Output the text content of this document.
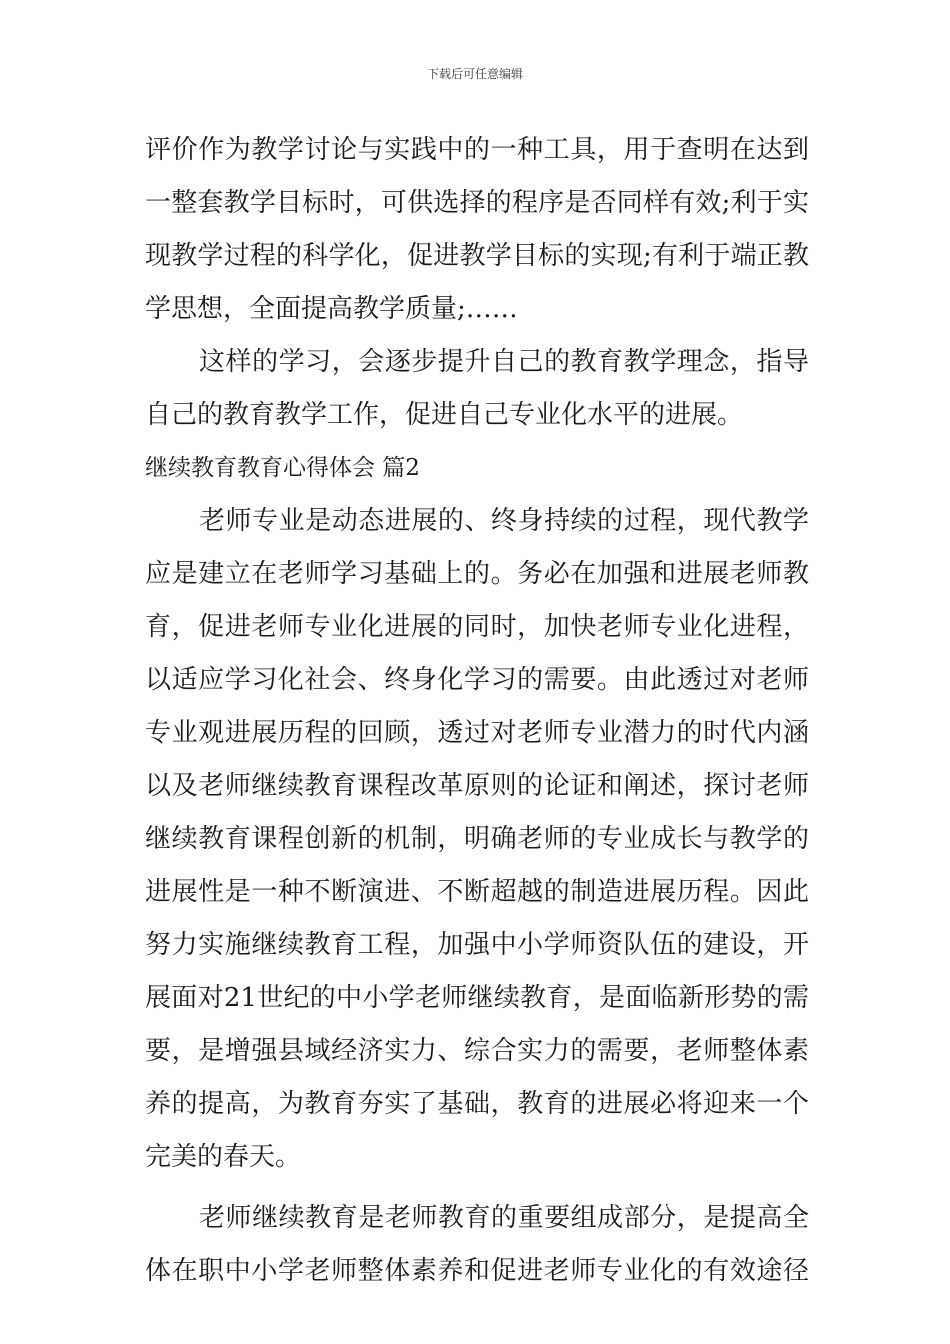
下载后可任意编辑
评价作为教学讨论与实践中的一种工具，用于查明在达到
一整套教学目标时，可供选择的程序是否同样有效;利于实
现教学过程的科学化，促进教学目标的实现;有利于端正教
学思想，全面提高教学质量;……
这样的学习，会逐步提升自己的教育教学理念，指导
自己的教育教学工作，促进自己专业化水平的进展。
继续教育教育心得体会 篇2
老师专业是动态进展的、终身持续的过程，现代教学
应是建立在老师学习基础上的。务必在加强和进展老师教
育，促进老师专业化进展的同时，加快老师专业化进程，
以适应学习化社会、终身化学习的需要。由此透过对老师
专业观进展历程的回顾，透过对老师专业潜力的时代内涵
以及老师继续教育课程改革原则的论证和阐述，探讨老师
继续教育课程创新的机制，明确老师的专业成长与教学的
进展性是一种不断演进、不断超越的制造进展历程。因此
努力实施继续教育工程，加强中小学师资队伍的建设，开
展面对21世纪的中小学老师继续教育，是面临新形势的需
要，是增强县域经济实力、综合实力的需要，老师整体素
养的提高，为教育夯实了基础，教育的进展必将迎来一个
完美的春天。
老师继续教育是老师教育的重要组成部分，是提高全
体在职中小学老师整体素养和促进老师专业化的有效途径
